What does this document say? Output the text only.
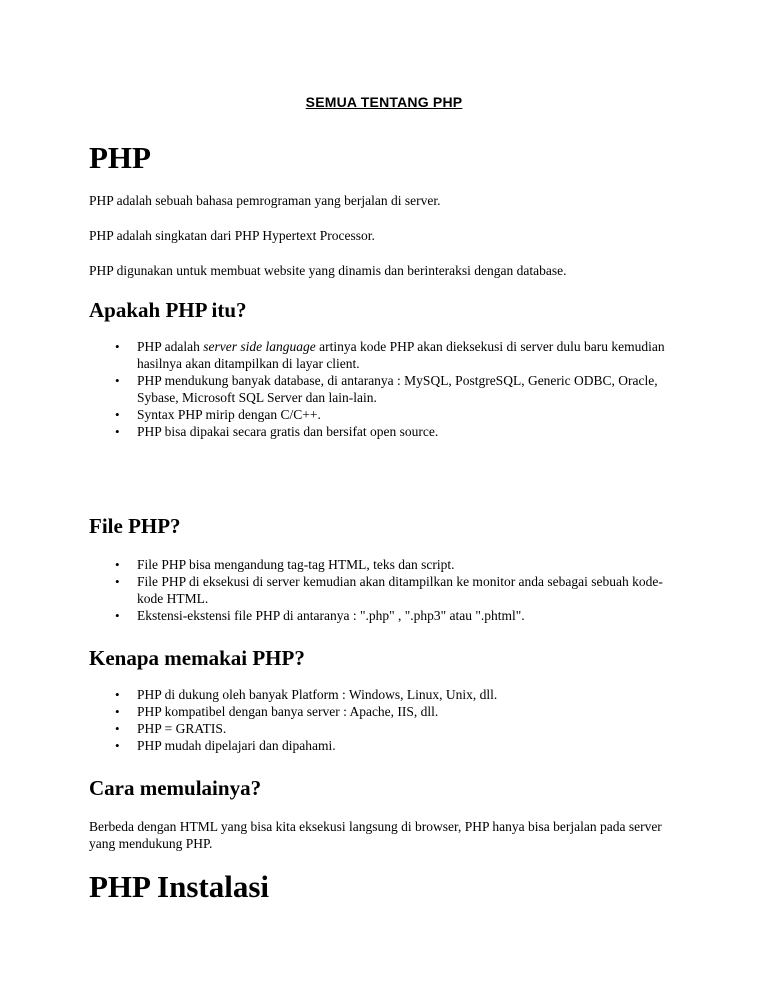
SEMUA TENTANG PHP
PHP

PHP adalah sebuah bahasa pemrograman yang berjalan di server.

PHP adalah singkatan dari PHP Hypertext Processor.

PHP digunakan untuk membuat website yang dinamis dan berinteraksi dengan database.

Apakah PHP itu?
• PHP adalah server side language artinya kode PHP akan dieksekusi di server dulu baru kemudian hasilnya akan ditampilkan di layar client.
• PHP mendukung banyak database, di antaranya : MySQL, PostgreSQL, Generic ODBC, Oracle, Sybase, Microsoft SQL Server dan lain-lain.
• Syntax PHP mirip dengan C/C++.
• PHP bisa dipakai secara gratis dan bersifat open source.
File PHP?
• File PHP bisa mengandung tag-tag HTML, teks dan script.
• File PHP di eksekusi di server kemudian akan ditampilkan ke monitor anda sebagai sebuah kode-kode HTML.
• Ekstensi-ekstensi file PHP di antaranya : ".php" , ".php3" atau ".phtml".
Kenapa memakai PHP?
• PHP di dukung oleh banyak Platform : Windows, Linux, Unix, dll.
• PHP kompatibel dengan banya server : Apache, IIS, dll.
• PHP = GRATIS.
• PHP mudah dipelajari dan dipahami.
Cara memulainya?

Berbeda dengan HTML yang bisa kita eksekusi langsung di browser, PHP hanya bisa berjalan pada server yang mendukung PHP.

PHP Instalasi
